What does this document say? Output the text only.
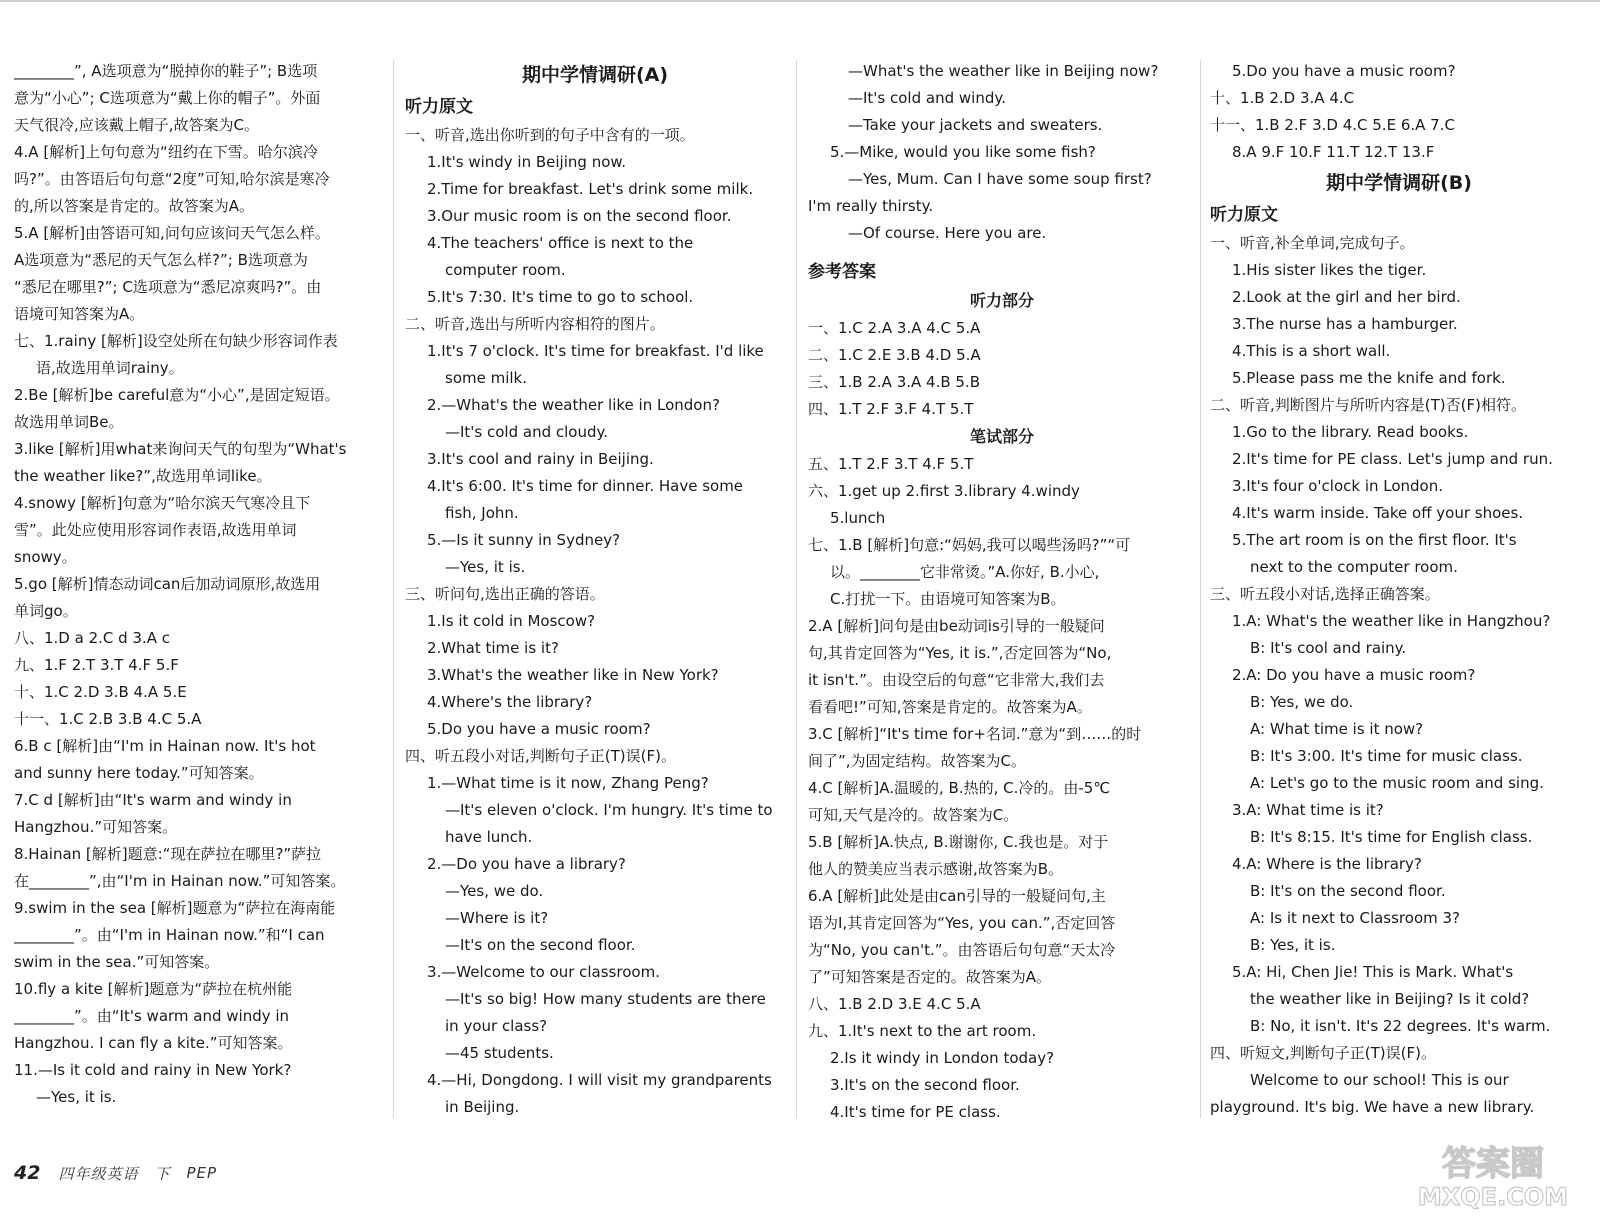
________”, A选项意为“脱掉你的鞋子”; B选项
意为“小心”; C选项意为“戴上你的帽子”。外面
天气很冷,应该戴上帽子,故答案为C。
4.A [解析]上句句意为“纽约在下雪。哈尔滨冷
吗?”。由答语后句句意“2度”可知,哈尔滨是寒冷
的,所以答案是肯定的。故答案为A。
5.A [解析]由答语可知,问句应该问天气怎么样。
A选项意为“悉尼的天气怎么样?”; B选项意为
“悉尼在哪里?”; C选项意为“悉尼凉爽吗?”。由
语境可知答案为A。
七、1.rainy [解析]设空处所在句缺少形容词作表
语,故选用单词rainy。
2.Be [解析]be careful意为“小心”,是固定短语。
故选用单词Be。
3.like [解析]用what来询问天气的句型为“What's
the weather like?”,故选用单词like。
4.snowy [解析]句意为“哈尔滨天气寒冷且下
雪”。此处应使用形容词作表语,故选用单词
snowy。
5.go [解析]情态动词can后加动词原形,故选用
单词go。
八、1.D a 2.C d 3.A c
九、1.F 2.T 3.T 4.F 5.F
十、1.C 2.D 3.B 4.A 5.E
十一、1.C 2.B 3.B 4.C 5.A
6.B c [解析]由“I'm in Hainan now. It's hot
and sunny here today.”可知答案。
7.C d [解析]由“It's warm and windy in
Hangzhou.”可知答案。
8.Hainan [解析]题意:“现在萨拉在哪里?”萨拉
在________”,由“I'm in Hainan now.”可知答案。
9.swim in the sea [解析]题意为“萨拉在海南能
________”。由“I'm in Hainan now.”和“I can
swim in the sea.”可知答案。
10.fly a kite [解析]题意为“萨拉在杭州能
________”。由“It's warm and windy in
Hangzhou. I can fly a kite.”可知答案。
11.—Is it cold and rainy in New York?
—Yes, it is.
期中学情调研(A)
听力原文
一、听音,选出你听到的句子中含有的一项。
1.It's windy in Beijing now.
2.Time for breakfast. Let's drink some milk.
3.Our music room is on the second floor.
4.The teachers' office is next to the
computer room.
5.It's 7:30. It's time to go to school.
二、听音,选出与所听内容相符的图片。
1.It's 7 o'clock. It's time for breakfast. I'd like
some milk.
2.—What's the weather like in London?
—It's cold and cloudy.
3.It's cool and rainy in Beijing.
4.It's 6:00. It's time for dinner. Have some
fish, John.
5.—Is it sunny in Sydney?
—Yes, it is.
三、听问句,选出正确的答语。
1.Is it cold in Moscow?
2.What time is it?
3.What's the weather like in New York?
4.Where's the library?
5.Do you have a music room?
四、听五段小对话,判断句子正(T)误(F)。
1.—What time is it now, Zhang Peng?
—It's eleven o'clock. I'm hungry. It's time to
have lunch.
2.—Do you have a library?
—Yes, we do.
—Where is it?
—It's on the second floor.
3.—Welcome to our classroom.
—It's so big! How many students are there
in your class?
—45 students.
4.—Hi, Dongdong. I will visit my grandparents
in Beijing.
—What's the weather like in Beijing now?
—It's cold and windy.
—Take your jackets and sweaters.
5.—Mike, would you like some fish?
—Yes, Mum. Can I have some soup first?
I'm really thirsty.
—Of course. Here you are.
参考答案
听力部分
一、1.C 2.A 3.A 4.C 5.A
二、1.C 2.E 3.B 4.D 5.A
三、1.B 2.A 3.A 4.B 5.B
四、1.T 2.F 3.F 4.T 5.T
笔试部分
五、1.T 2.F 3.T 4.F 5.T
六、1.get up 2.first 3.library 4.windy
5.lunch
七、1.B [解析]句意:“妈妈,我可以喝些汤吗?”“可
以。________它非常烫。”A.你好, B.小心,
C.打扰一下。由语境可知答案为B。
2.A [解析]问句是由be动词is引导的一般疑问
句,其肯定回答为“Yes, it is.”,否定回答为“No,
it isn't.”。由设空后的句意“它非常大,我们去
看看吧!”可知,答案是肯定的。故答案为A。
3.C [解析]“It's time for+名词.”意为“到……的时
间了”,为固定结构。故答案为C。
4.C [解析]A.温暖的, B.热的, C.冷的。由-5℃
可知,天气是冷的。故答案为C。
5.B [解析]A.快点, B.谢谢你, C.我也是。对于
他人的赞美应当表示感谢,故答案为B。
6.A [解析]此处是由can引导的一般疑问句,主
语为I,其肯定回答为“Yes, you can.”,否定回答
为“No, you can't.”。由答语后句句意“天太冷
了”可知答案是否定的。故答案为A。
八、1.B 2.D 3.E 4.C 5.A
九、1.It's next to the art room.
2.Is it windy in London today?
3.It's on the second floor.
4.It's time for PE class.
5.Do you have a music room?
十、1.B 2.D 3.A 4.C
十一、1.B 2.F 3.D 4.C 5.E 6.A 7.C
8.A 9.F 10.F 11.T 12.T 13.F
期中学情调研(B)
听力原文
一、听音,补全单词,完成句子。
1.His sister likes the tiger.
2.Look at the girl and her bird.
3.The nurse has a hamburger.
4.This is a short wall.
5.Please pass me the knife and fork.
二、听音,判断图片与所听内容是(T)否(F)相符。
1.Go to the library. Read books.
2.It's time for PE class. Let's jump and run.
3.It's four o'clock in London.
4.It's warm inside. Take off your shoes.
5.The art room is on the first floor. It's
next to the computer room.
三、听五段小对话,选择正确答案。
1.A: What's the weather like in Hangzhou?
B: It's cool and rainy.
2.A: Do you have a music room?
B: Yes, we do.
A: What time is it now?
B: It's 3:00. It's time for music class.
A: Let's go to the music room and sing.
3.A: What time is it?
B: It's 8:15. It's time for English class.
4.A: Where is the library?
B: It's on the second floor.
A: Is it next to Classroom 3?
B: Yes, it is.
5.A: Hi, Chen Jie! This is Mark. What's
the weather like in Beijing? Is it cold?
B: No, it isn't. It's 22 degrees. It's warm.
四、听短文,判断句子正(T)误(F)。
Welcome to our school! This is our
playground. It's big. We have a new library.
42 四年级英语 下 PEP	答案圈
MXQE.COM
